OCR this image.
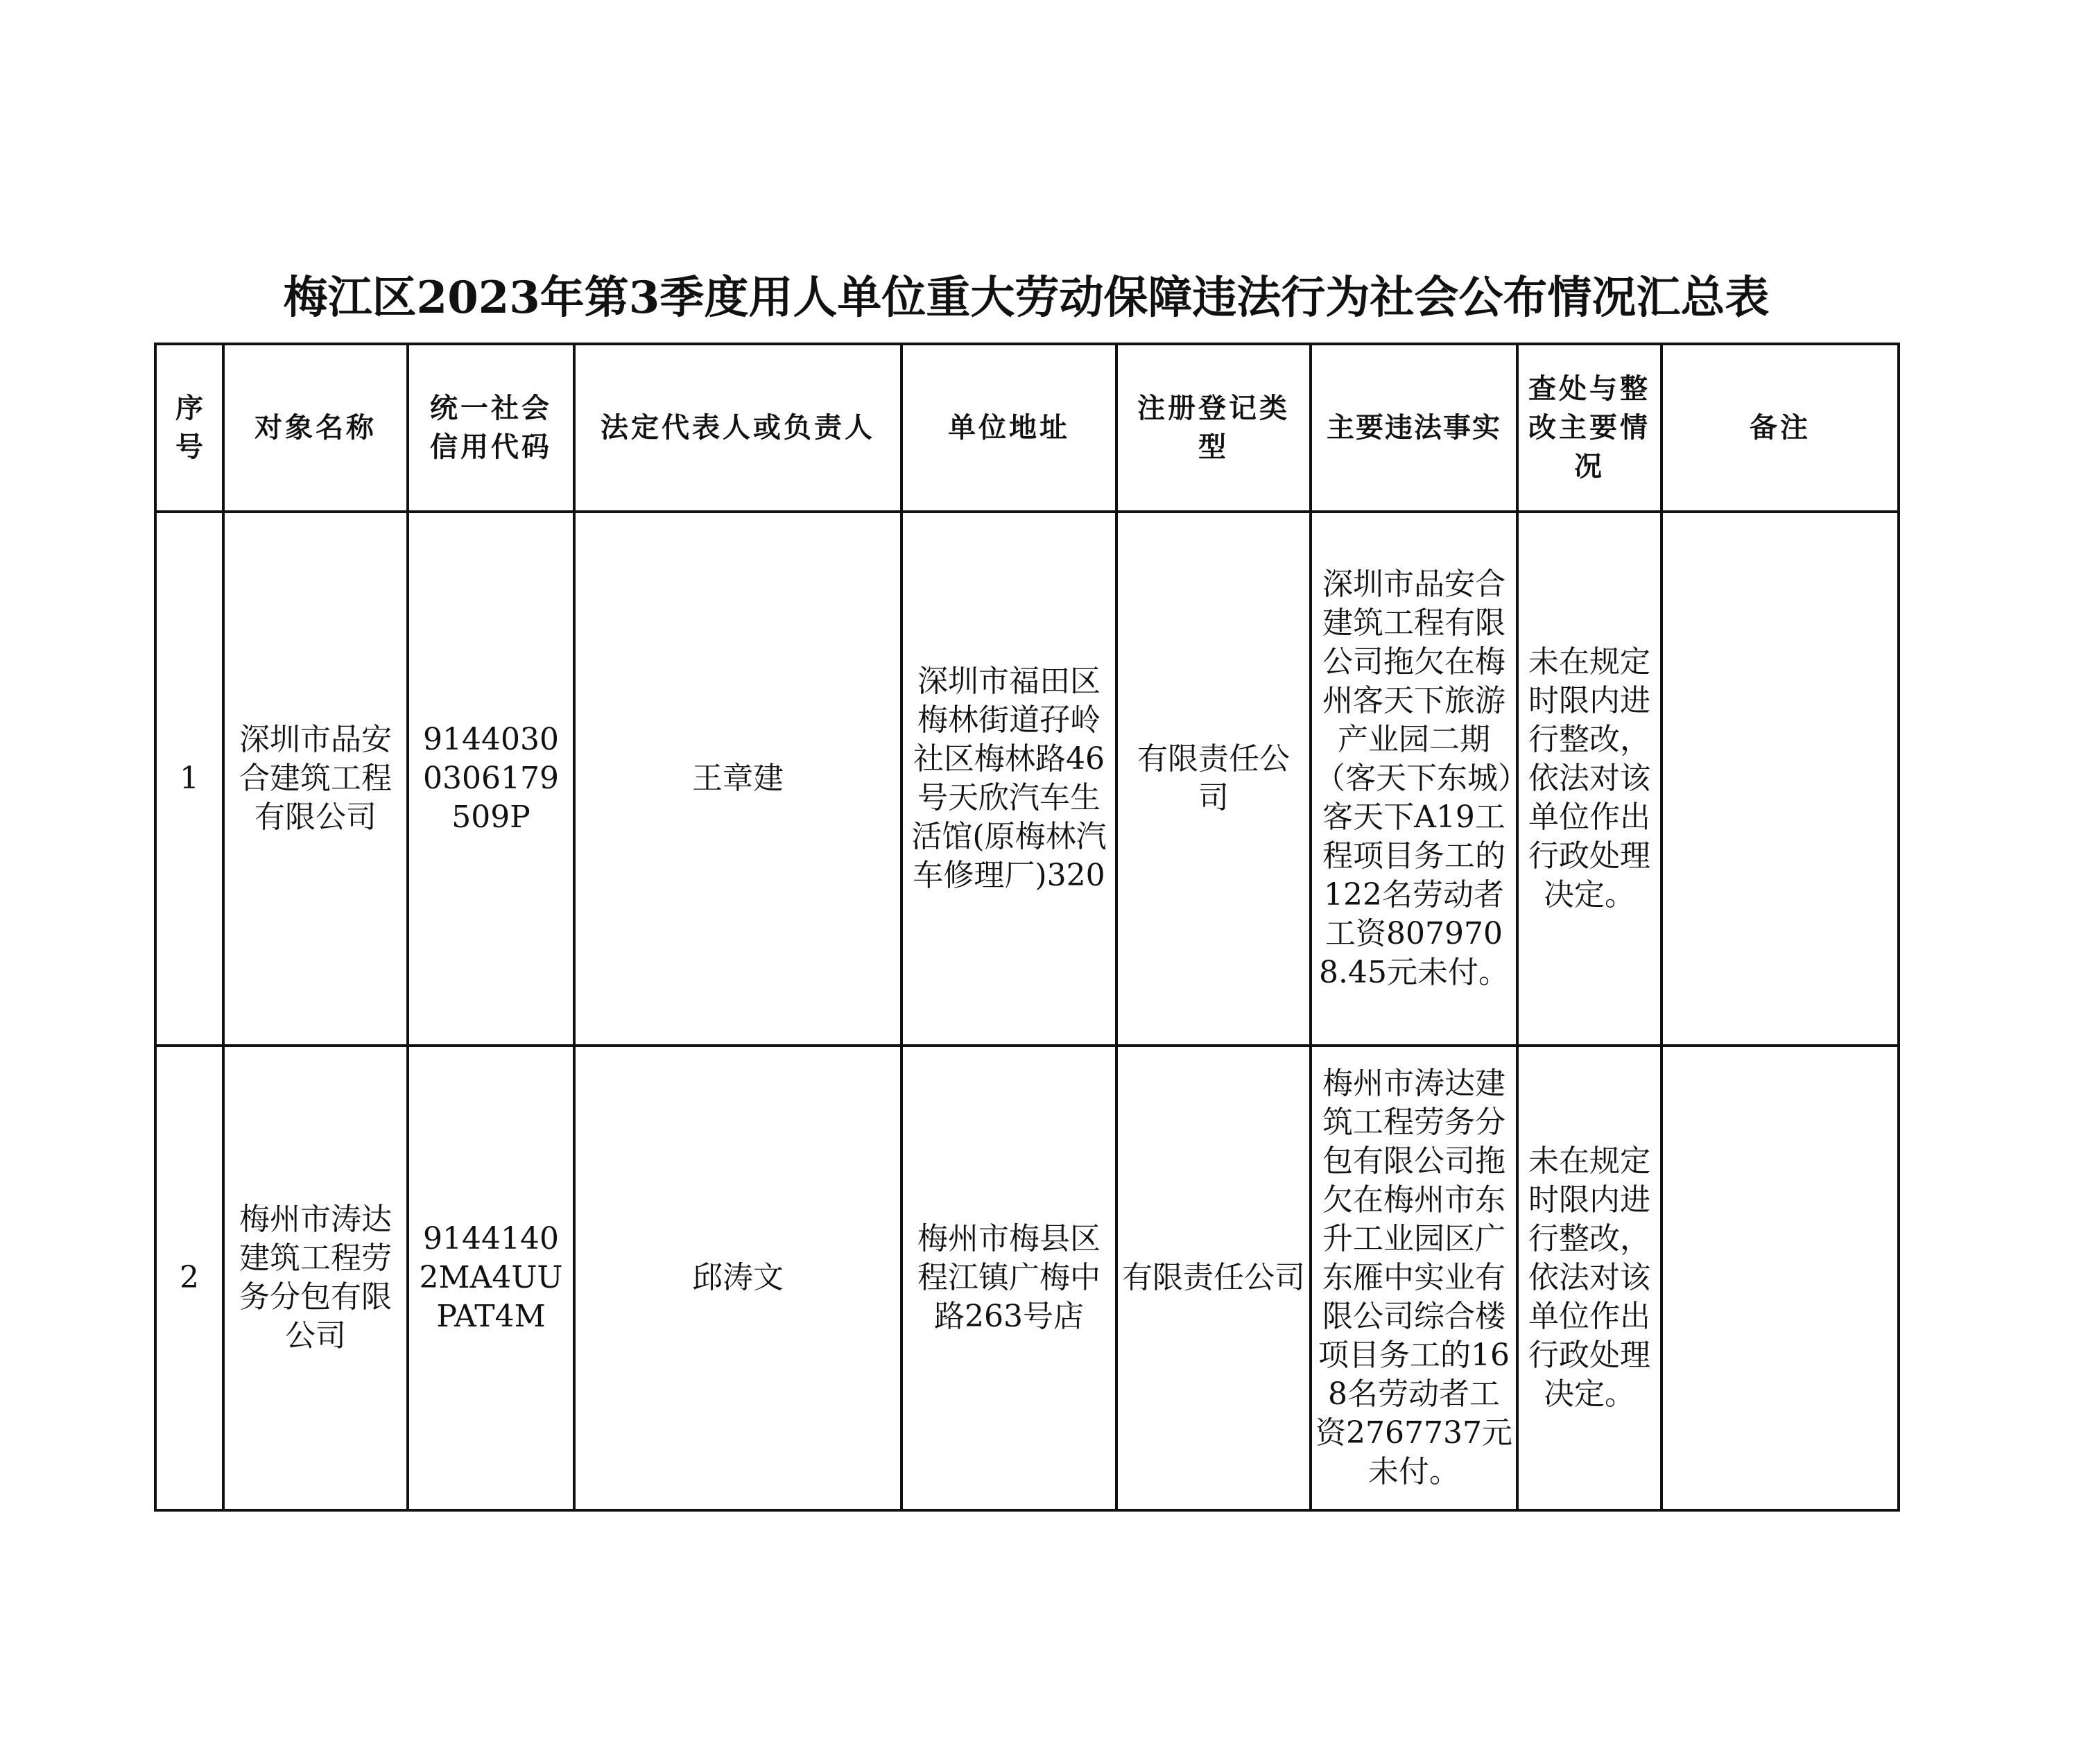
梅江区2023年第3季度用人单位重大劳动保障违法行为社会公布情况汇总表
序号	对象名称	统一社会信用代码	法定代表人或负责人	单位地址	注册登记类型	主要违法事实	查处与整改主要情况	备注
1	深圳市品安合建筑工程有限公司	91440300306179509P	王章建	深圳市福田区梅林街道孖岭社区梅林路46号天欣汽车生活馆(原梅林汽车修理厂)320	有限责任公司	深圳市品安合建筑工程有限公司拖欠在梅州客天下旅游产业园二期（客天下东城）客天下A19工程项目务工的122名劳动者工资8079708.45元未付。	未在规定时限内进行整改，依法对该单位作出行政处理决定。	
2	梅州市涛达建筑工程劳务分包有限公司	91441402MA4UUPAT4M	邱涛文	梅州市梅县区程江镇广梅中路263号店	有限责任公司	梅州市涛达建筑工程劳务分包有限公司拖欠在梅州市东升工业园区广东雁中实业有限公司综合楼项目务工的168名劳动者工资2767737元未付。	未在规定时限内进行整改，依法对该单位作出行政处理决定。	
